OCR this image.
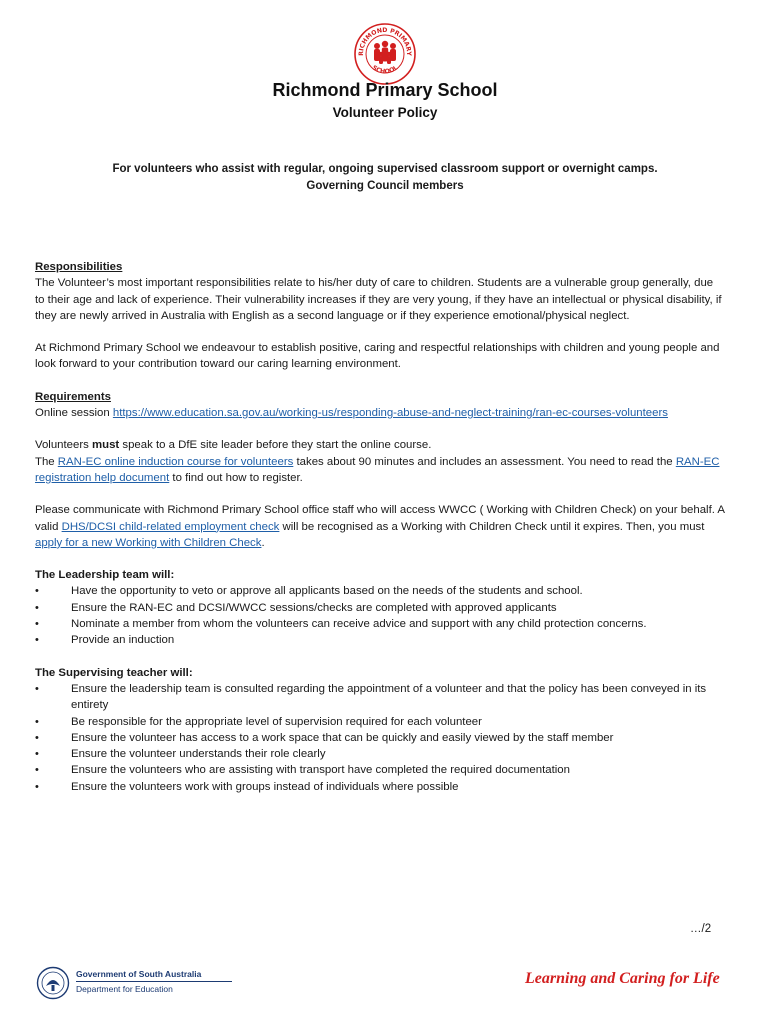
RICHMOND PRIMARY
SCHOOL
Richmond Primary School
Volunteer Policy
For volunteers who assist with regular, ongoing supervised classroom support or overnight camps.
Governing Council members

Responsibilities

The Volunteer’s most important responsibilities relate to his/her duty of care to children. Students are a vulnerable group generally, due to their age and lack of experience. Their vulnerability increases if they are very young, if they have an intellectual or physical disability, if they are newly arrived in Australia with English as a second language or if they experience emotional/physical neglect.

At Richmond Primary School we endeavour to establish positive, caring and respectful relationships with children and young people and look forward to your contribution toward our caring learning environment.

Requirements

Online session https://www.education.sa.gov.au/working-us/responding-abuse-and-neglect-training/ran-ec-courses-volunteers

Volunteers must speak to a DfE site leader before they start the online course.

The RAN-EC online induction course for volunteers takes about 90 minutes and includes an assessment. You need to read the RAN-EC registration help document to find out how to register.

Please communicate with Richmond Primary School office staff who will access WWCC ( Working with Children Check) on your behalf. A valid DHS/DCSI child-related employment check will be recognised as a Working with Children Check until it expires. Then, you must apply for a new Working with Children Check.

The Leadership team will:

• Have the opportunity to veto or approve all applicants based on the needs of the students and school.
• Ensure the RAN-EC and DCSI/WWCC sessions/checks are completed with approved applicants
• Nominate a member from whom the volunteers can receive advice and support with any child protection concerns.
• Provide an induction

The Supervising teacher will:

• Ensure the leadership team is consulted regarding the appointment of a volunteer and that the policy has been conveyed in its entirety
• Be responsible for the appropriate level of supervision required for each volunteer
• Ensure the volunteer has access to a work space that can be quickly and easily viewed by the staff member
• Ensure the volunteer understands their role clearly
• Ensure the volunteers who are assisting with transport have completed the required documentation
• Ensure the volunteers work with groups instead of individuals where possible
…/2
Government of South Australia
Department for Education
Learning and Caring for Life
